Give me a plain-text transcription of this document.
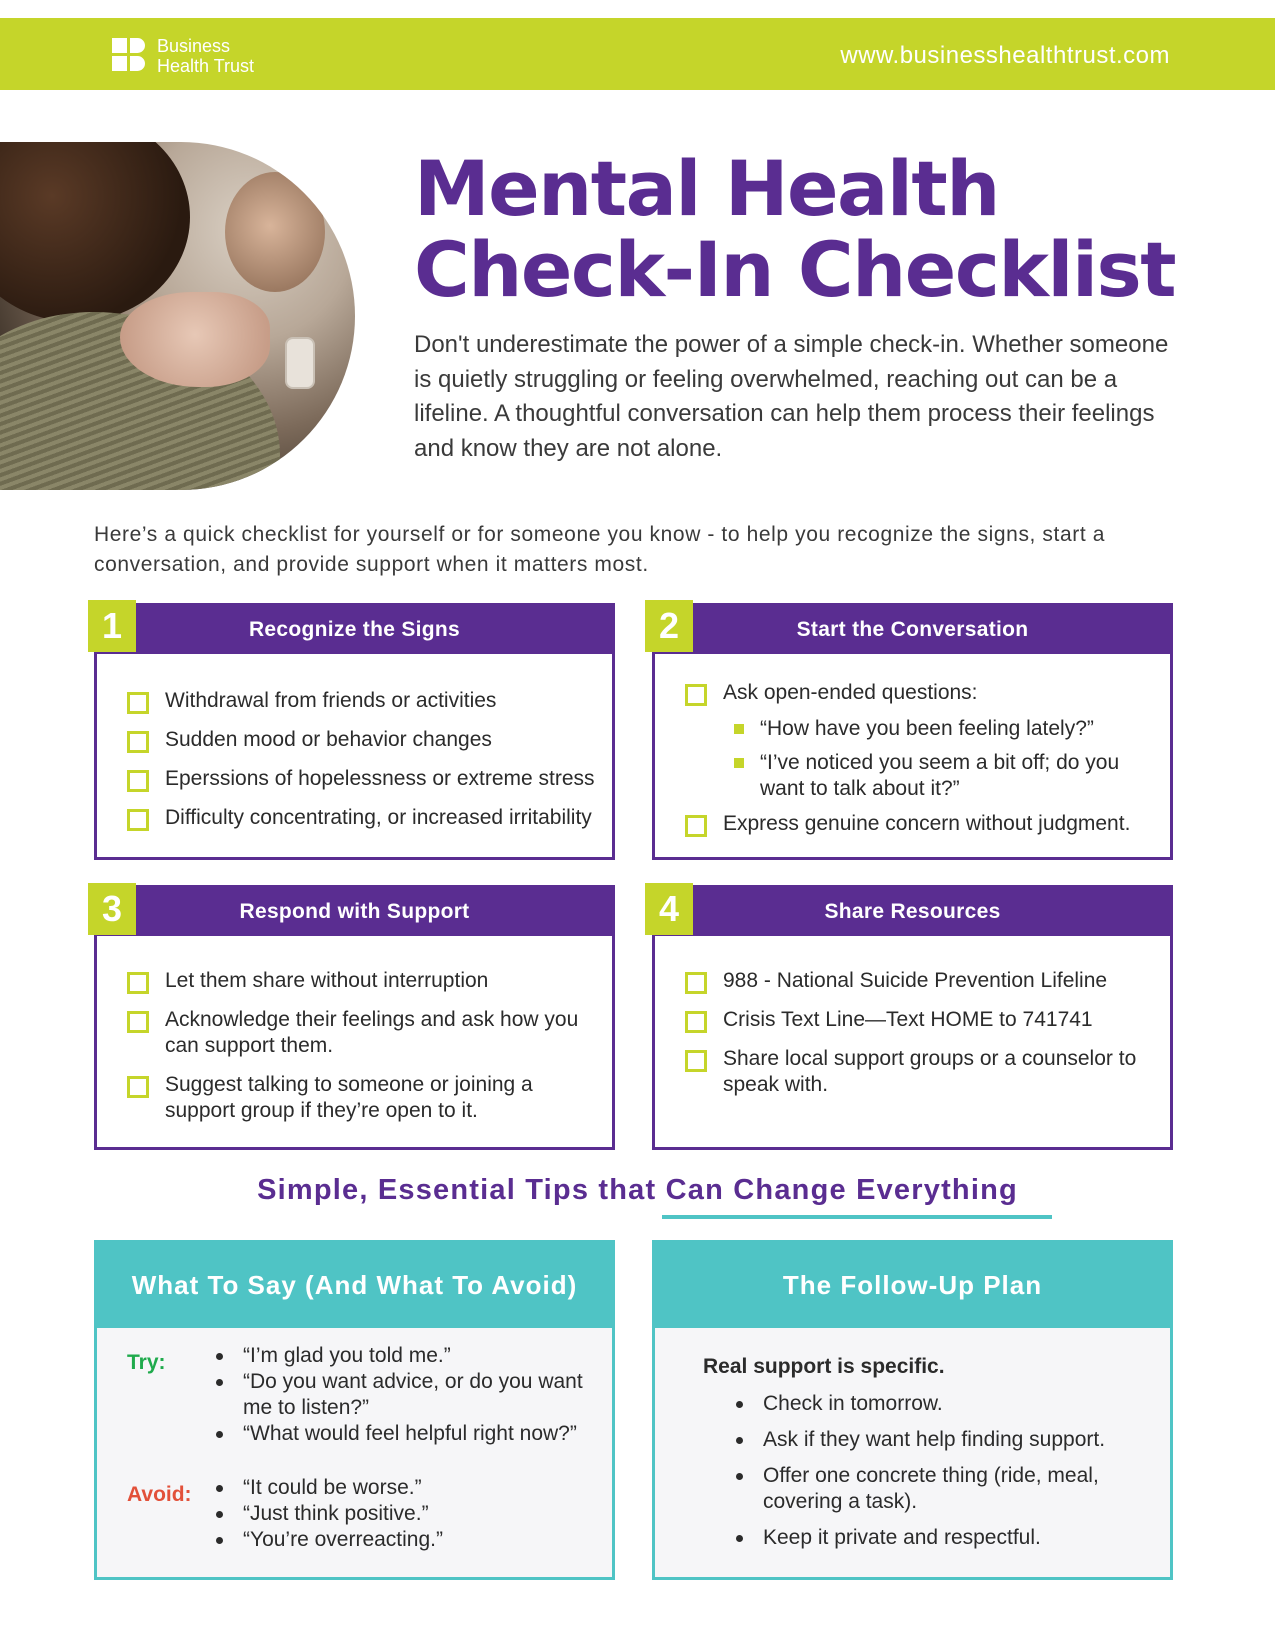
Business
Health Trust	www.businesshealthtrust.com
Mental Health
Check-In Checklist

Don't underestimate the power of a simple check-in. Whether someone is quietly struggling or feeling overwhelmed, reaching out can be a lifeline. A thoughtful conversation can help them process their feelings and know they are not alone.

Here’s a quick checklist for yourself or for someone you know - to help you recognize the signs, start a conversation, and provide support when it matters most.

Recognize the Signs
Withdrawal from friends or activities
Sudden mood or behavior changes
Eperssions of hopelessness or extreme stress
Difficulty concentrating, or increased irritability
1	Start the Conversation
Ask open-ended questions:
“How have you been feeling lately?”
“I’ve noticed you seem a bit off; do you want to talk about it?”
Express genuine concern without judgment.
2
Respond with Support
Let them share without interruption
Acknowledge their feelings and ask how you can support them.
Suggest talking to someone or joining a support group if they’re open to it.
3	Share Resources
988 - National Suicide Prevention Lifeline
Crisis Text Line—Text HOME to 741741
Share local support groups or a counselor to speak with.
4
Simple, Essential Tips that Can Change Everything
What To Say (And What To Avoid)
Try:	“I’m glad you told me.”
“Do you want advice, or do you want me to listen?”
“What would feel helpful right now?”
Avoid:	“It could be worse.”
“Just think positive.”
“You’re overreacting.”
The Follow-Up Plan
Real support is specific.
Check in tomorrow.
Ask if they want help finding support.
Offer one concrete thing (ride, meal, covering a task).
Keep it private and respectful.
